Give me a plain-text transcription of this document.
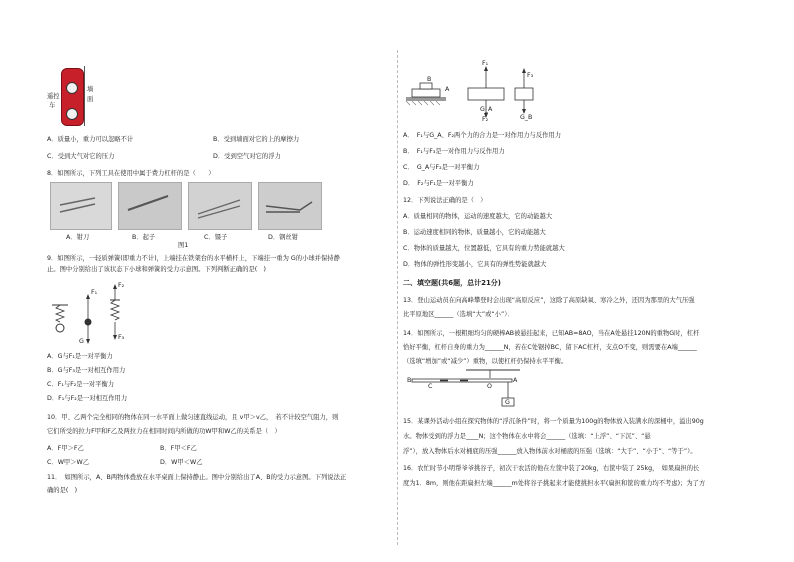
遥控
车
墙
面
A．质量小，重力可以忽略不计	B．受到墙面对它的上的摩擦力
C．受到大气对它的压力	D．受到空气对它的浮力
8．如图所示，下列工具在使用中属于费力杠杆的是（　　）
A．钳刀	B．起子	C．镊子	D．钢丝钳
图1
9．如图所示，一轻质弹簧(即重力不计)，上端挂在铁架台的水平横杆上，下端挂一重为 G的小球并保持静
止。图中分别给出了该状态下小球和弹簧的受力示意图。下列判断正确的是(　)
F₁
G
F₂
F₃
A．G与F₁是一对平衡力
B．G与F₃是一对相互作用力
C．F₁与F₂是一对平衡力
D．F₁与F₂是一对相互作用力
10．甲、乙两个完全相同的物体在同一水平面上做匀速直线运动，且 v甲＞v乙，　若不计较空气阻力，则
它们所受的拉力F甲和F乙及两拉力在相同时间内所做的功W甲和W乙的关系是（　）
A．F甲＞F乙	B．F甲＜F乙
C．W甲＞W乙	D．W甲＜W乙
11．　如图所示，A、B两物体叠放在水平桌面上保持静止。图中分别给出了A、B的受力示意图。下列说法正
确的是(　)
B
A
F₁
G_A
F₂
F₃
G_B
A．　F₁与G_A、F₂两个力的合力是一对作用力与反作用力
B．　F₁与F₃是一对作用力与反作用力
C．　G_A与F₂是一对平衡力
D．　F₂与F₁是一对平衡力
12．下列说法正确的是（　）
A．质量相同的物体，运动的速度越大，它的动能越大
B．运动速度相同的物体，质量越小，它的动能越大
C．物体的质量越大，位置越低，它具有的重力势能就越大
D．物体的弹性形变越小，它具有的弹性势能就越大
二、填空题(共6题，总计21分)
13．登山运动员在向高峰攀登时会出现“高原反应”，这除了高原缺氧、寒冷之外，还因为那里的大气压强
比平原地区______（选填“大”或“小”）．
14．如图所示，一根粗细均匀的硬棒AB被悬挂起来，已知AB=8AO，当在A处悬挂120N的重物G时，杠杆
恰好平衡，杠杆自身的重力为______N，若在C处锯掉BC，留下AC杠杆，支点O不变，则需要在A端______
（选填“增加”或“减少”）重物，以使杠杆仍保持水平平衡。
B
C	O
A
G
15．某课外活动小组在探究物体的“浮沉条件”时，将一个质量为100g的物体放入装满水的深桶中，溢出90g
水。物体受到的浮力是____N；这个物体在水中将会______（选填：“上浮”、“下沉”、“悬
浮”），放入物体后水对桶底的压强______放入物体前水对桶底的压强（选填：“大于”、“小于”、“等于”）。
16．农忙时节小明帮爷爷挑谷子，初次干农活的他在左筐中装了20kg，右筐中装了 25kg，　如果扁担的长
度为1．8m，则他在距扁担左端______m处将谷子挑起来才能使挑担水平(扁担和筐的重力均不考虑)；为了方
